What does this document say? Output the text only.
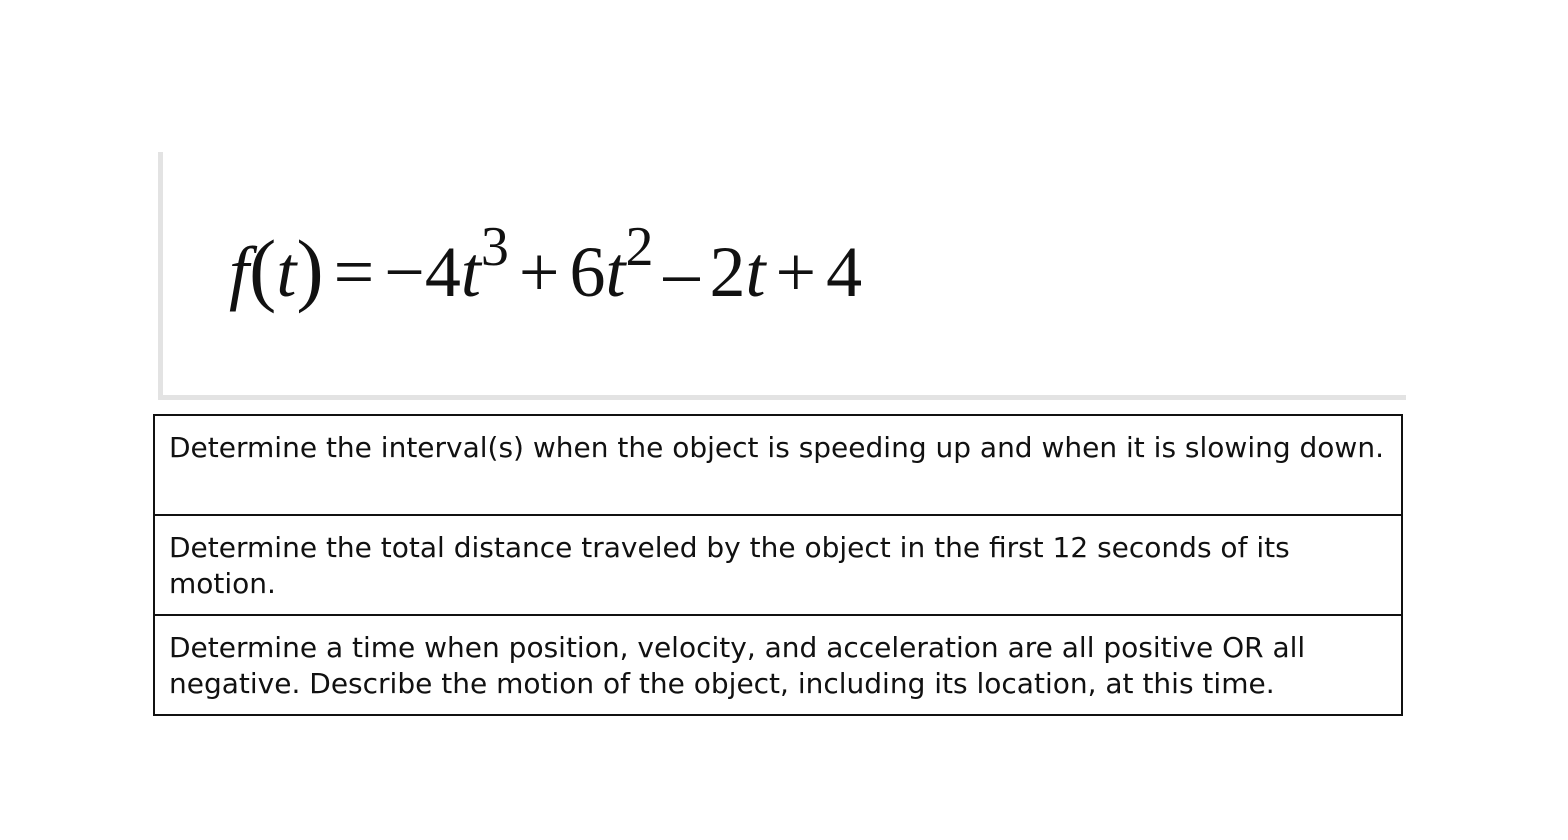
$f(t) = -4t^3 + 6t^2 - 2t + 4$
Determine the interval(s) when the object is speeding up and when it is slowing down.
Determine the total distance traveled by the object in the first 12 seconds of its motion.
Determine a time when position, velocity, and acceleration are all positive OR all negative. Describe the motion of the object, including its location, at this time.
